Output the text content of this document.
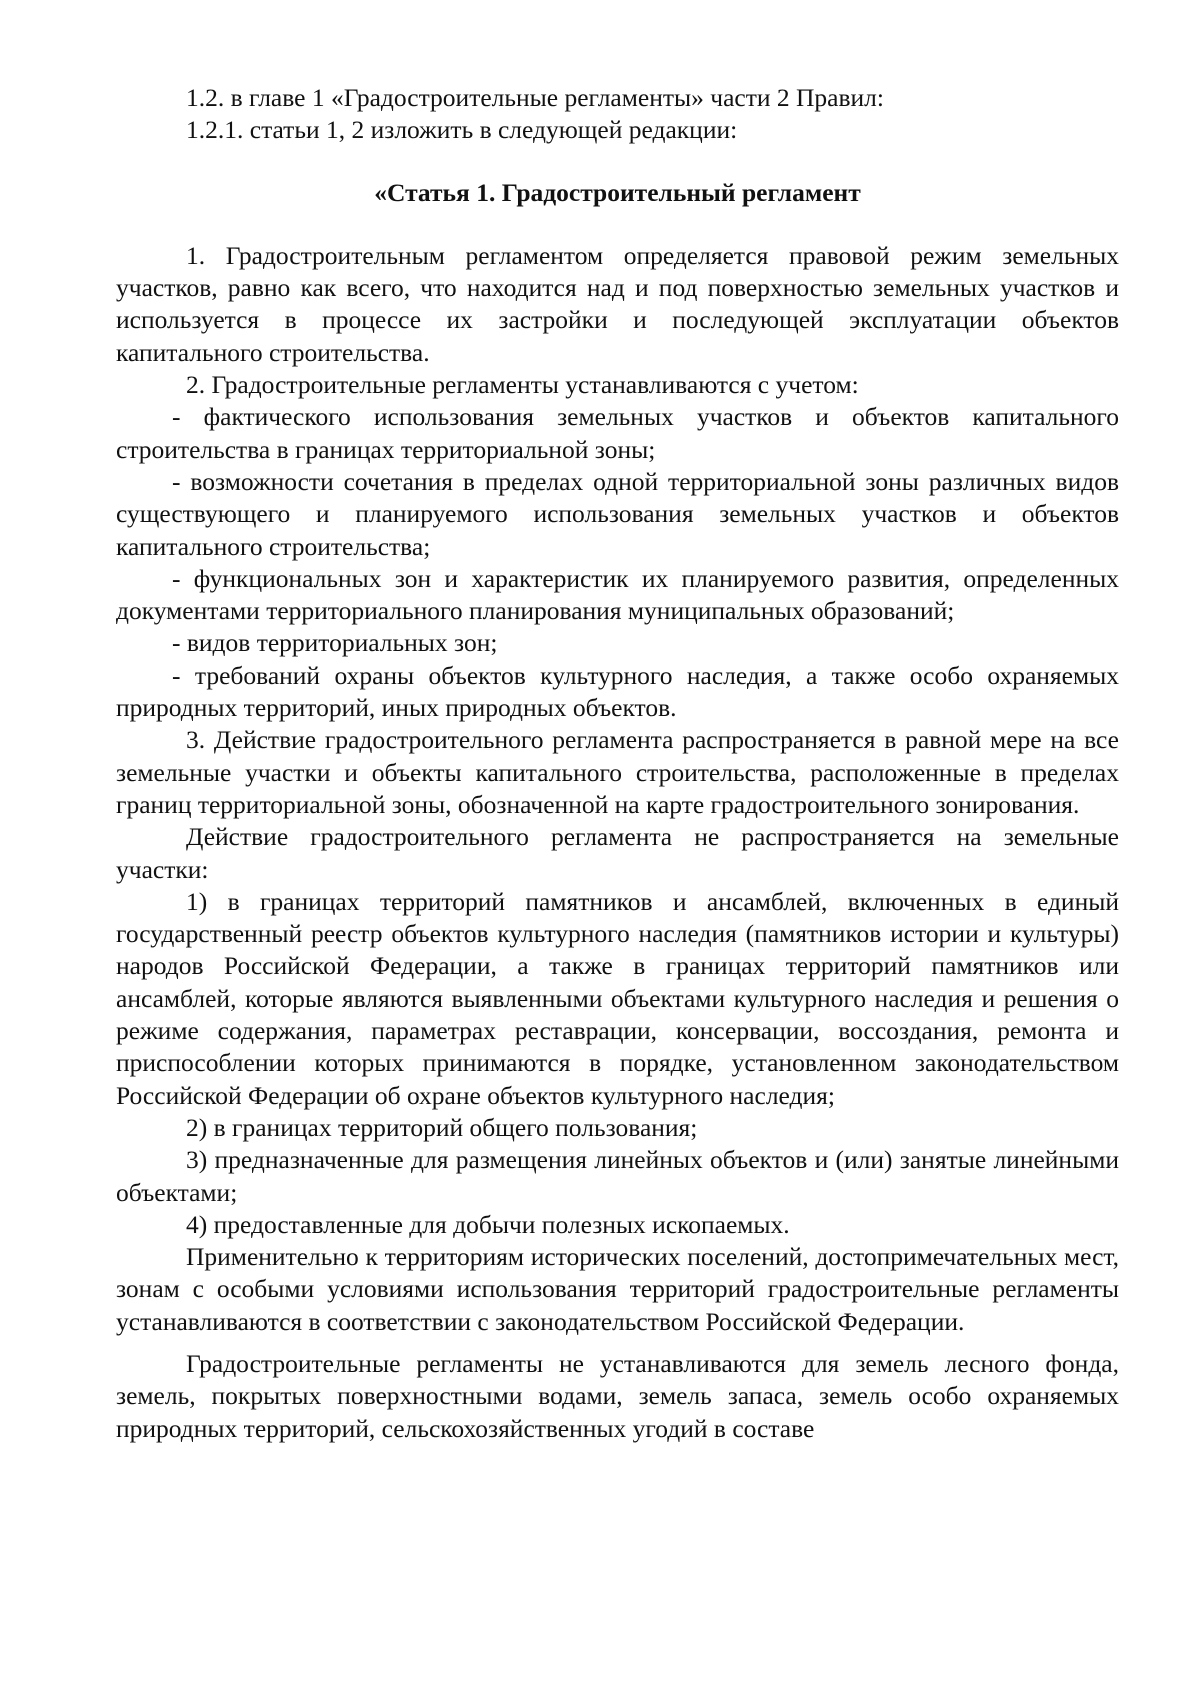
1.2. в главе 1 «Градостроительные регламенты» части 2 Правил:

1.2.1. статьи 1, 2 изложить в следующей редакции:

«Статья 1. Градостроительный регламент

1. Градостроительным регламентом определяется правовой режим земельных участков, равно как всего, что находится над и под поверхностью земельных участков и используется в процессе их застройки и последующей эксплуатации объектов капитального строительства.

2. Градостроительные регламенты устанавливаются с учетом:

- фактического использования земельных участков и объектов капитального строительства в границах территориальной зоны;

- возможности сочетания в пределах одной территориальной зоны различных видов существующего и планируемого использования земельных участков и объектов капитального строительства;

- функциональных зон и характеристик их планируемого развития, определенных документами территориального планирования муниципальных образований;

- видов территориальных зон;

- требований охраны объектов культурного наследия, а также особо охраняемых природных территорий, иных природных объектов.

3. Действие градостроительного регламента распространяется в равной мере на все земельные участки и объекты капитального строительства, расположенные в пределах границ территориальной зоны, обозначенной на карте градостроительного зонирования.

Действие градостроительного регламента не распространяется на земельные участки:

1) в границах территорий памятников и ансамблей, включенных в единый государственный реестр объектов культурного наследия (памятников истории и культуры) народов Российской Федерации, а также в границах территорий памятников или ансамблей, которые являются выявленными объектами культурного наследия и решения о режиме содержания, параметрах реставрации, консервации, воссоздания, ремонта и приспособлении которых принимаются в порядке, установленном законодательством Российской Федерации об охране объектов культурного наследия;

2) в границах территорий общего пользования;

3) предназначенные для размещения линейных объектов и (или) занятые линейными объектами;

4) предоставленные для добычи полезных ископаемых.

Применительно к территориям исторических поселений, достопримечательных мест, зонам с особыми условиями использования территорий градостроительные регламенты устанавливаются в соответствии с законодательством Российской Федерации.

Градостроительные регламенты не устанавливаются для земель лесного фонда, земель, покрытых поверхностными водами, земель запаса, земель особо охраняемых природных территорий, сельскохозяйственных угодий в составе
